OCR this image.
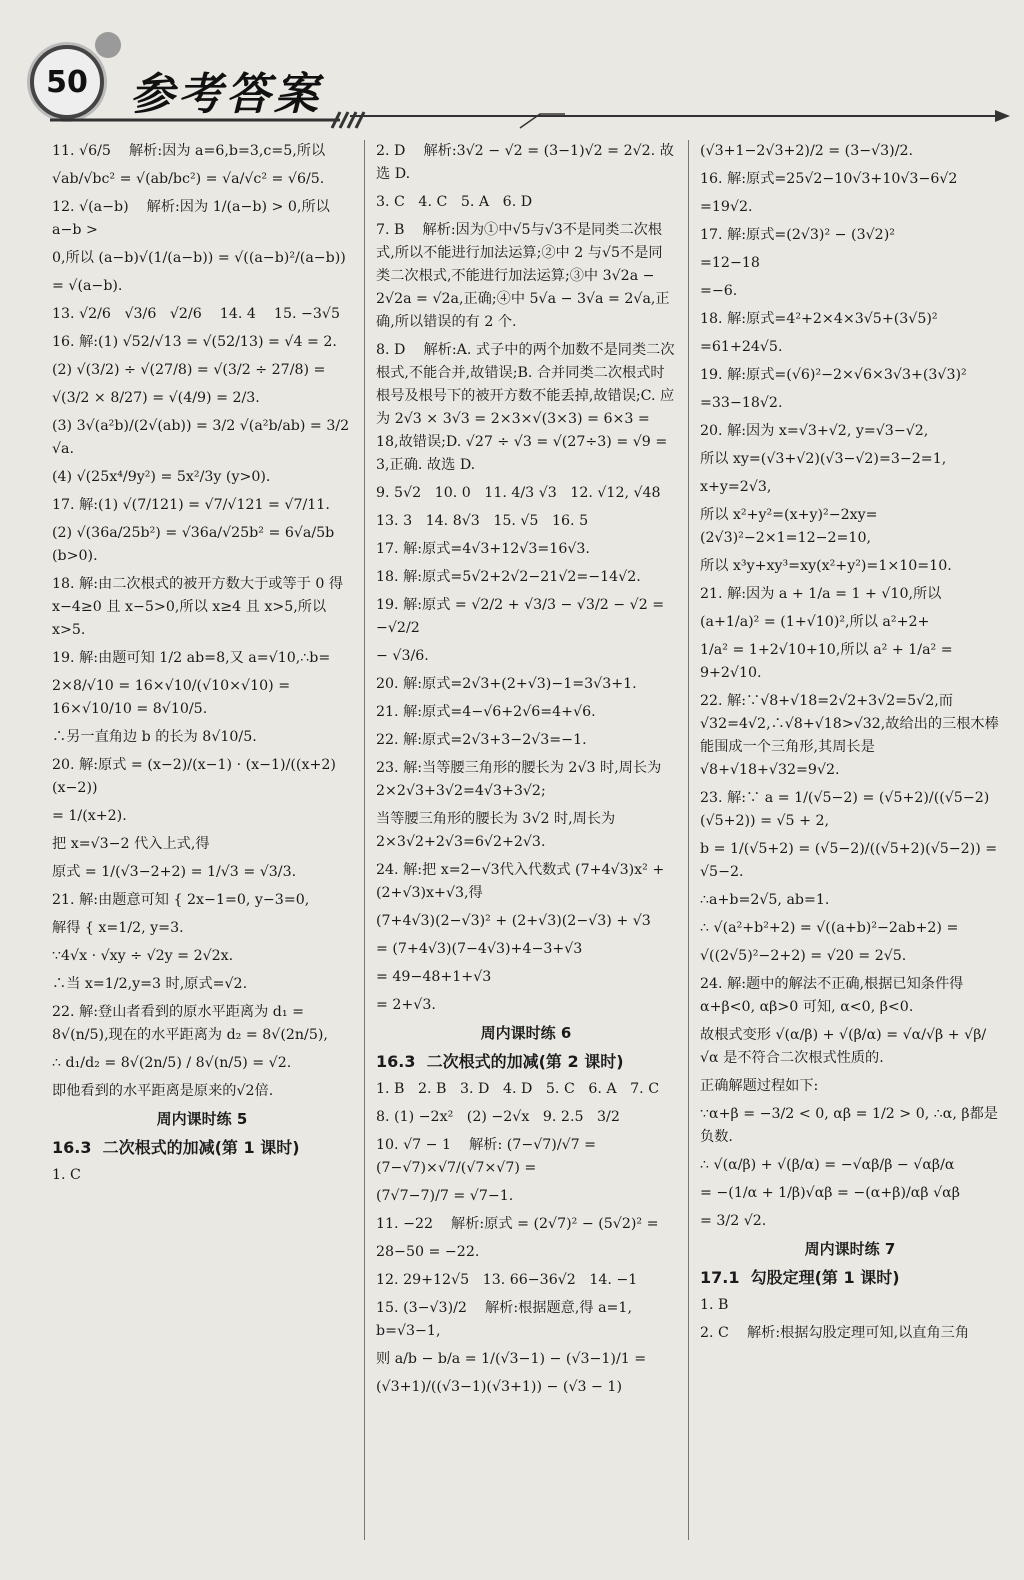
50 参考答案

11. √6/5    解析:因为 a=6,b=3,c=5,所以

√ab/√bc² = √(ab/bc²) = √a/√c² = √6/5.

12. √(a−b)    解析:因为 1/(a−b) > 0,所以 a−b >

0,所以 (a−b)√(1/(a−b)) = √((a−b)²/(a−b))

= √(a−b).

13. √2/6   √3/6   √2/6    14. 4    15. −3√5

16. 解:(1) √52/√13 = √(52/13) = √4 = 2.

(2) √(3/2) ÷ √(27/8) = √(3/2 ÷ 27/8) =

√(3/2 × 8/27) = √(4/9) = 2/3.

(3) 3√(a²b)/(2√(ab)) = 3/2 √(a²b/ab) = 3/2 √a.

(4) √(25x⁴/9y²) = 5x²/3y (y>0).

17. 解:(1) √(7/121) = √7/√121 = √7/11.

(2) √(36a/25b²) = √36a/√25b² = 6√a/5b (b>0).

18. 解:由二次根式的被开方数大于或等于 0 得 x−4≥0 且 x−5>0,所以 x≥4 且 x>5,所以 x>5.

19. 解:由题可知 1/2 ab=8,又 a=√10,∴b=

2×8/√10 = 16×√10/(√10×√10) = 16×√10/10 = 8√10/5.

∴另一直角边 b 的长为 8√10/5.

20. 解:原式 = (x−2)/(x−1) · (x−1)/((x+2)(x−2))

= 1/(x+2).

把 x=√3−2 代入上式,得

原式 = 1/(√3−2+2) = 1/√3 = √3/3.

21. 解:由题意可知 { 2x−1=0, y−3=0,

解得 { x=1/2, y=3.

∵4√x · √xy ÷ √2y = 2√2x.

∴当 x=1/2,y=3 时,原式=√2.

22. 解:登山者看到的原水平距离为 d₁ = 8√(n/5),现在的水平距离为 d₂ = 8√(2n/5),

∴ d₁/d₂ = 8√(2n/5) / 8√(n/5) = √2.

即他看到的水平距离是原来的√2倍.

周内课时练 5

16.3  二次根式的加减(第 1 课时)

1. C

2. D    解析:3√2 − √2 = (3−1)√2 = 2√2. 故选 D.

3. C   4. C   5. A   6. D

7. B    解析:因为①中√5与√3不是同类二次根式,所以不能进行加法运算;②中 2 与√5不是同类二次根式,不能进行加法运算;③中 3√2a − 2√2a = √2a,正确;④中 5√a − 3√a = 2√a,正确,所以错误的有 2 个.

8. D    解析:A. 式子中的两个加数不是同类二次根式,不能合并,故错误;B. 合并同类二次根式时根号及根号下的被开方数不能丢掉,故错误;C. 应为 2√3 × 3√3 = 2×3×√(3×3) = 6×3 = 18,故错误;D. √27 ÷ √3 = √(27÷3) = √9 = 3,正确. 故选 D.

9. 5√2   10. 0   11. 4/3 √3   12. √12, √48

13. 3   14. 8√3   15. √5   16. 5

17. 解:原式=4√3+12√3=16√3.

18. 解:原式=5√2+2√2−21√2=−14√2.

19. 解:原式 = √2/2 + √3/3 − √3/2 − √2 = −√2/2

− √3/6.

20. 解:原式=2√3+(2+√3)−1=3√3+1.

21. 解:原式=4−√6+2√6=4+√6.

22. 解:原式=2√3+3−2√3=−1.

23. 解:当等腰三角形的腰长为 2√3 时,周长为 2×2√3+3√2=4√3+3√2;

当等腰三角形的腰长为 3√2 时,周长为 2×3√2+2√3=6√2+2√3.

24. 解:把 x=2−√3代入代数式 (7+4√3)x² + (2+√3)x+√3,得

(7+4√3)(2−√3)² + (2+√3)(2−√3) + √3

= (7+4√3)(7−4√3)+4−3+√3

= 49−48+1+√3

= 2+√3.

周内课时练 6

16.3  二次根式的加减(第 2 课时)

1. B   2. B   3. D   4. D   5. C   6. A   7. C

8. (1) −2x²   (2) −2√x   9. 2.5   3/2

10. √7 − 1    解析: (7−√7)/√7 = (7−√7)×√7/(√7×√7) =

(7√7−7)/7 = √7−1.

11. −22    解析:原式 = (2√7)² − (5√2)² =

28−50 = −22.

12. 29+12√5   13. 66−36√2   14. −1

15. (3−√3)/2    解析:根据题意,得 a=1, b=√3−1,

则 a/b − b/a = 1/(√3−1) − (√3−1)/1 =

(√3+1)/((√3−1)(√3+1)) − (√3 − 1)

(√3+1−2√3+2)/2 = (3−√3)/2.

16. 解:原式=25√2−10√3+10√3−6√2

=19√2.

17. 解:原式=(2√3)² − (3√2)²

=12−18

=−6.

18. 解:原式=4²+2×4×3√5+(3√5)²

=61+24√5.

19. 解:原式=(√6)²−2×√6×3√3+(3√3)²

=33−18√2.

20. 解:因为 x=√3+√2, y=√3−√2,

所以 xy=(√3+√2)(√3−√2)=3−2=1,

x+y=2√3,

所以 x²+y²=(x+y)²−2xy=(2√3)²−2×1=12−2=10,

所以 x³y+xy³=xy(x²+y²)=1×10=10.

21. 解:因为 a + 1/a = 1 + √10,所以

(a+1/a)² = (1+√10)²,所以 a²+2+

1/a² = 1+2√10+10,所以 a² + 1/a² = 9+2√10.

22. 解:∵√8+√18=2√2+3√2=5√2,而 √32=4√2,∴√8+√18>√32,故给出的三根木棒能围成一个三角形,其周长是√8+√18+√32=9√2.

23. 解:∵ a = 1/(√5−2) = (√5+2)/((√5−2)(√5+2)) = √5 + 2,

b = 1/(√5+2) = (√5−2)/((√5+2)(√5−2)) = √5−2.

∴a+b=2√5, ab=1.

∴ √(a²+b²+2) = √((a+b)²−2ab+2) =

√((2√5)²−2+2) = √20 = 2√5.

24. 解:题中的解法不正确,根据已知条件得 α+β<0, αβ>0 可知, α<0, β<0.

故根式变形 √(α/β) + √(β/α) = √α/√β + √β/√α 是不符合二次根式性质的.

正确解题过程如下:

∵α+β = −3/2 < 0, αβ = 1/2 > 0, ∴α, β都是负数.

∴ √(α/β) + √(β/α) = −√αβ/β − √αβ/α

= −(1/α + 1/β)√αβ = −(α+β)/αβ √αβ

= 3/2 √2.

周内课时练 7

17.1  勾股定理(第 1 课时)

1. B

2. C    解析:根据勾股定理可知,以直角三角
